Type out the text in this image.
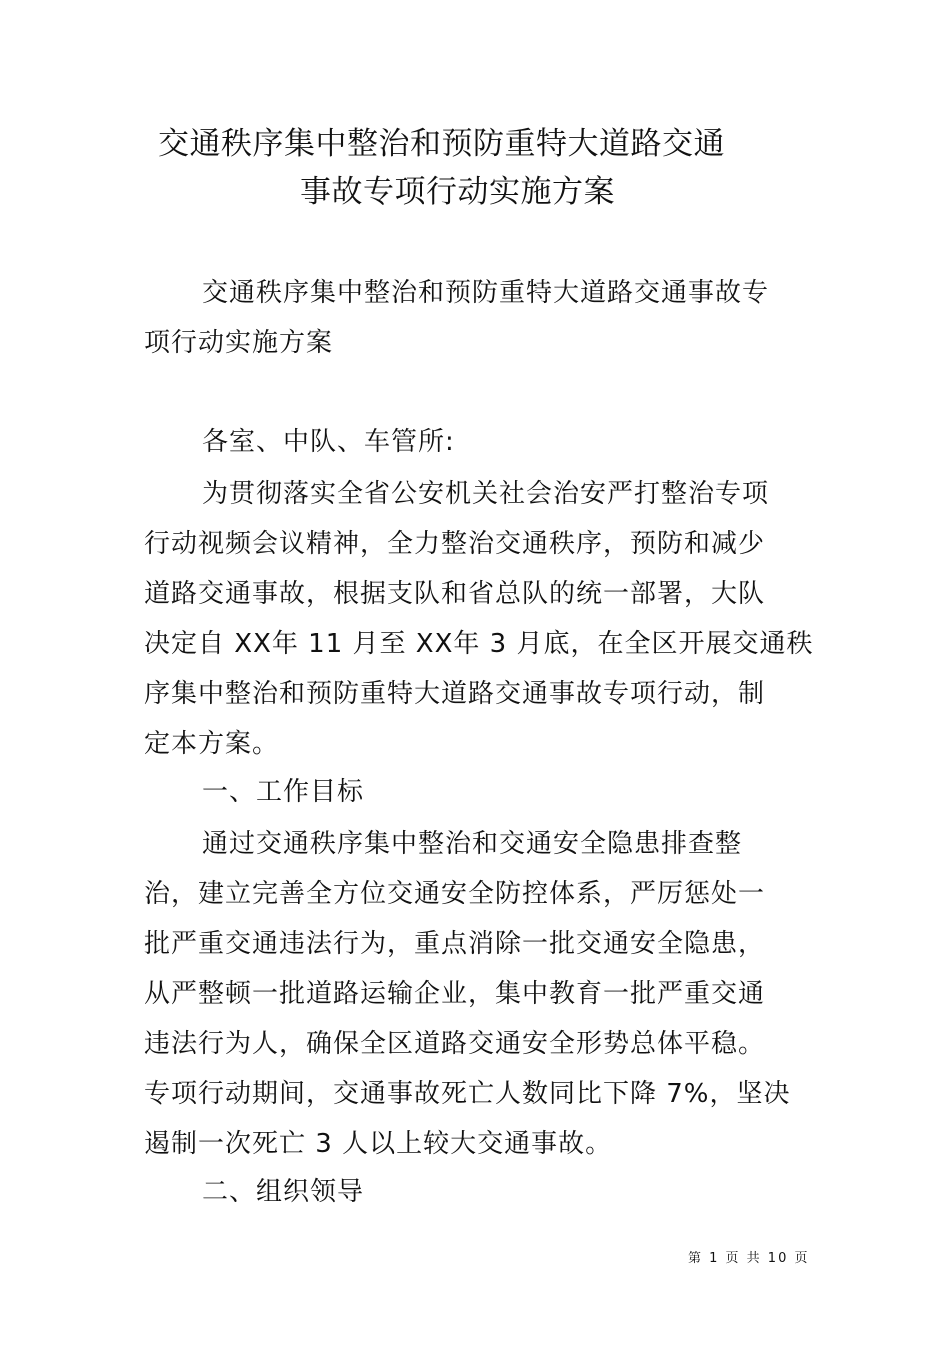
交通秩序集中整治和预防重特大道路交通
事故专项行动实施方案
交通秩序集中整治和预防重特大道路交通事故专
项行动实施方案
各室、中队、车管所:
为贯彻落实全省公安机关社会治安严打整治专项
行动视频会议精神，全力整治交通秩序，预防和减少
道路交通事故，根据支队和省总队的统一部署，大队
决定自 XX年 11 月至 XX年 3 月底，在全区开展交通秩
序集中整治和预防重特大道路交通事故专项行动，制
定本方案。
一、工作目标
通过交通秩序集中整治和交通安全隐患排查整
治，建立完善全方位交通安全防控体系，严厉惩处一
批严重交通违法行为，重点消除一批交通安全隐患，
从严整顿一批道路运输企业，集中教育一批严重交通
违法行为人，确保全区道路交通安全形势总体平稳。
专项行动期间，交通事故死亡人数同比下降 7%，坚决
遏制一次死亡 3 人以上较大交通事故。
二、组织领导
第 1 页 共 10 页
